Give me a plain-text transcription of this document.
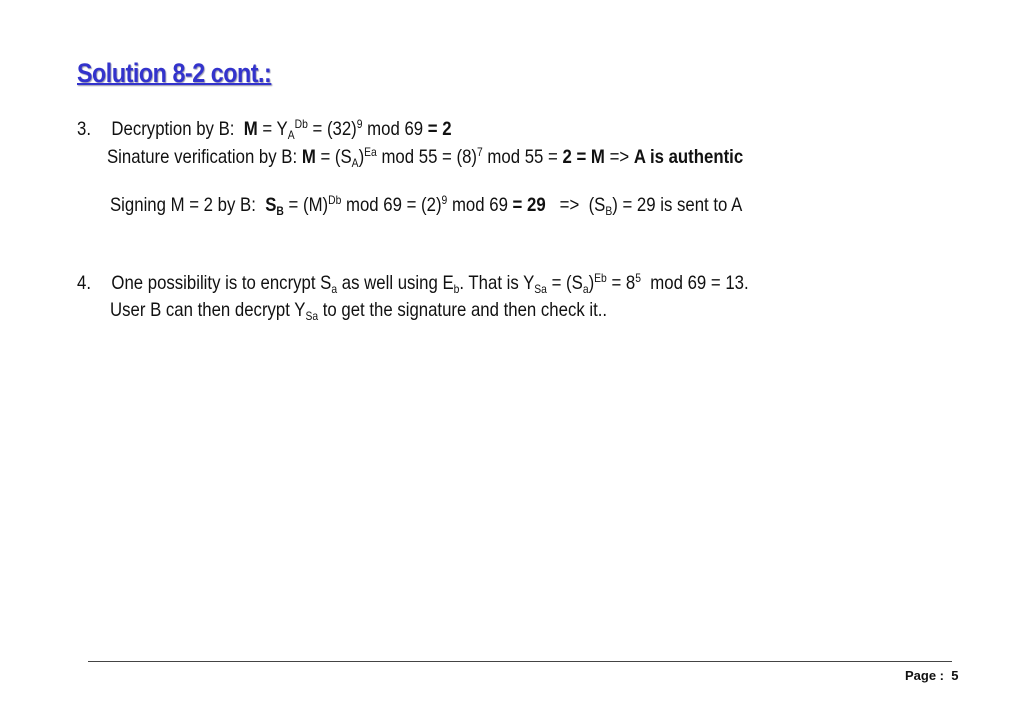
Solution 8-2 cont.:
3. Decryption by B: $M = Y_A^{Db} = (32)^9$ mod 69 = 2
Sinature verification by B: $M = (S_A)^{Ea}$ mod $55 = (8)^7$ mod 55 = 2 = M => A is authentic
Signing M = 2 by B: $S_B = (M)^{Db}$ mod $69 = (2)^9$ mod $69 = 29 => (S_B) = 29$ is sent to A
4. One possibility is to encrypt $S_a$ as well using $E_b$. That is $Y_{Sa} = (S_a)^{Eb} = 8^5$ mod 69 = 13.
User B can then decrypt $Y_{Sa}$ to get the signature and then check it..
Page : 5
